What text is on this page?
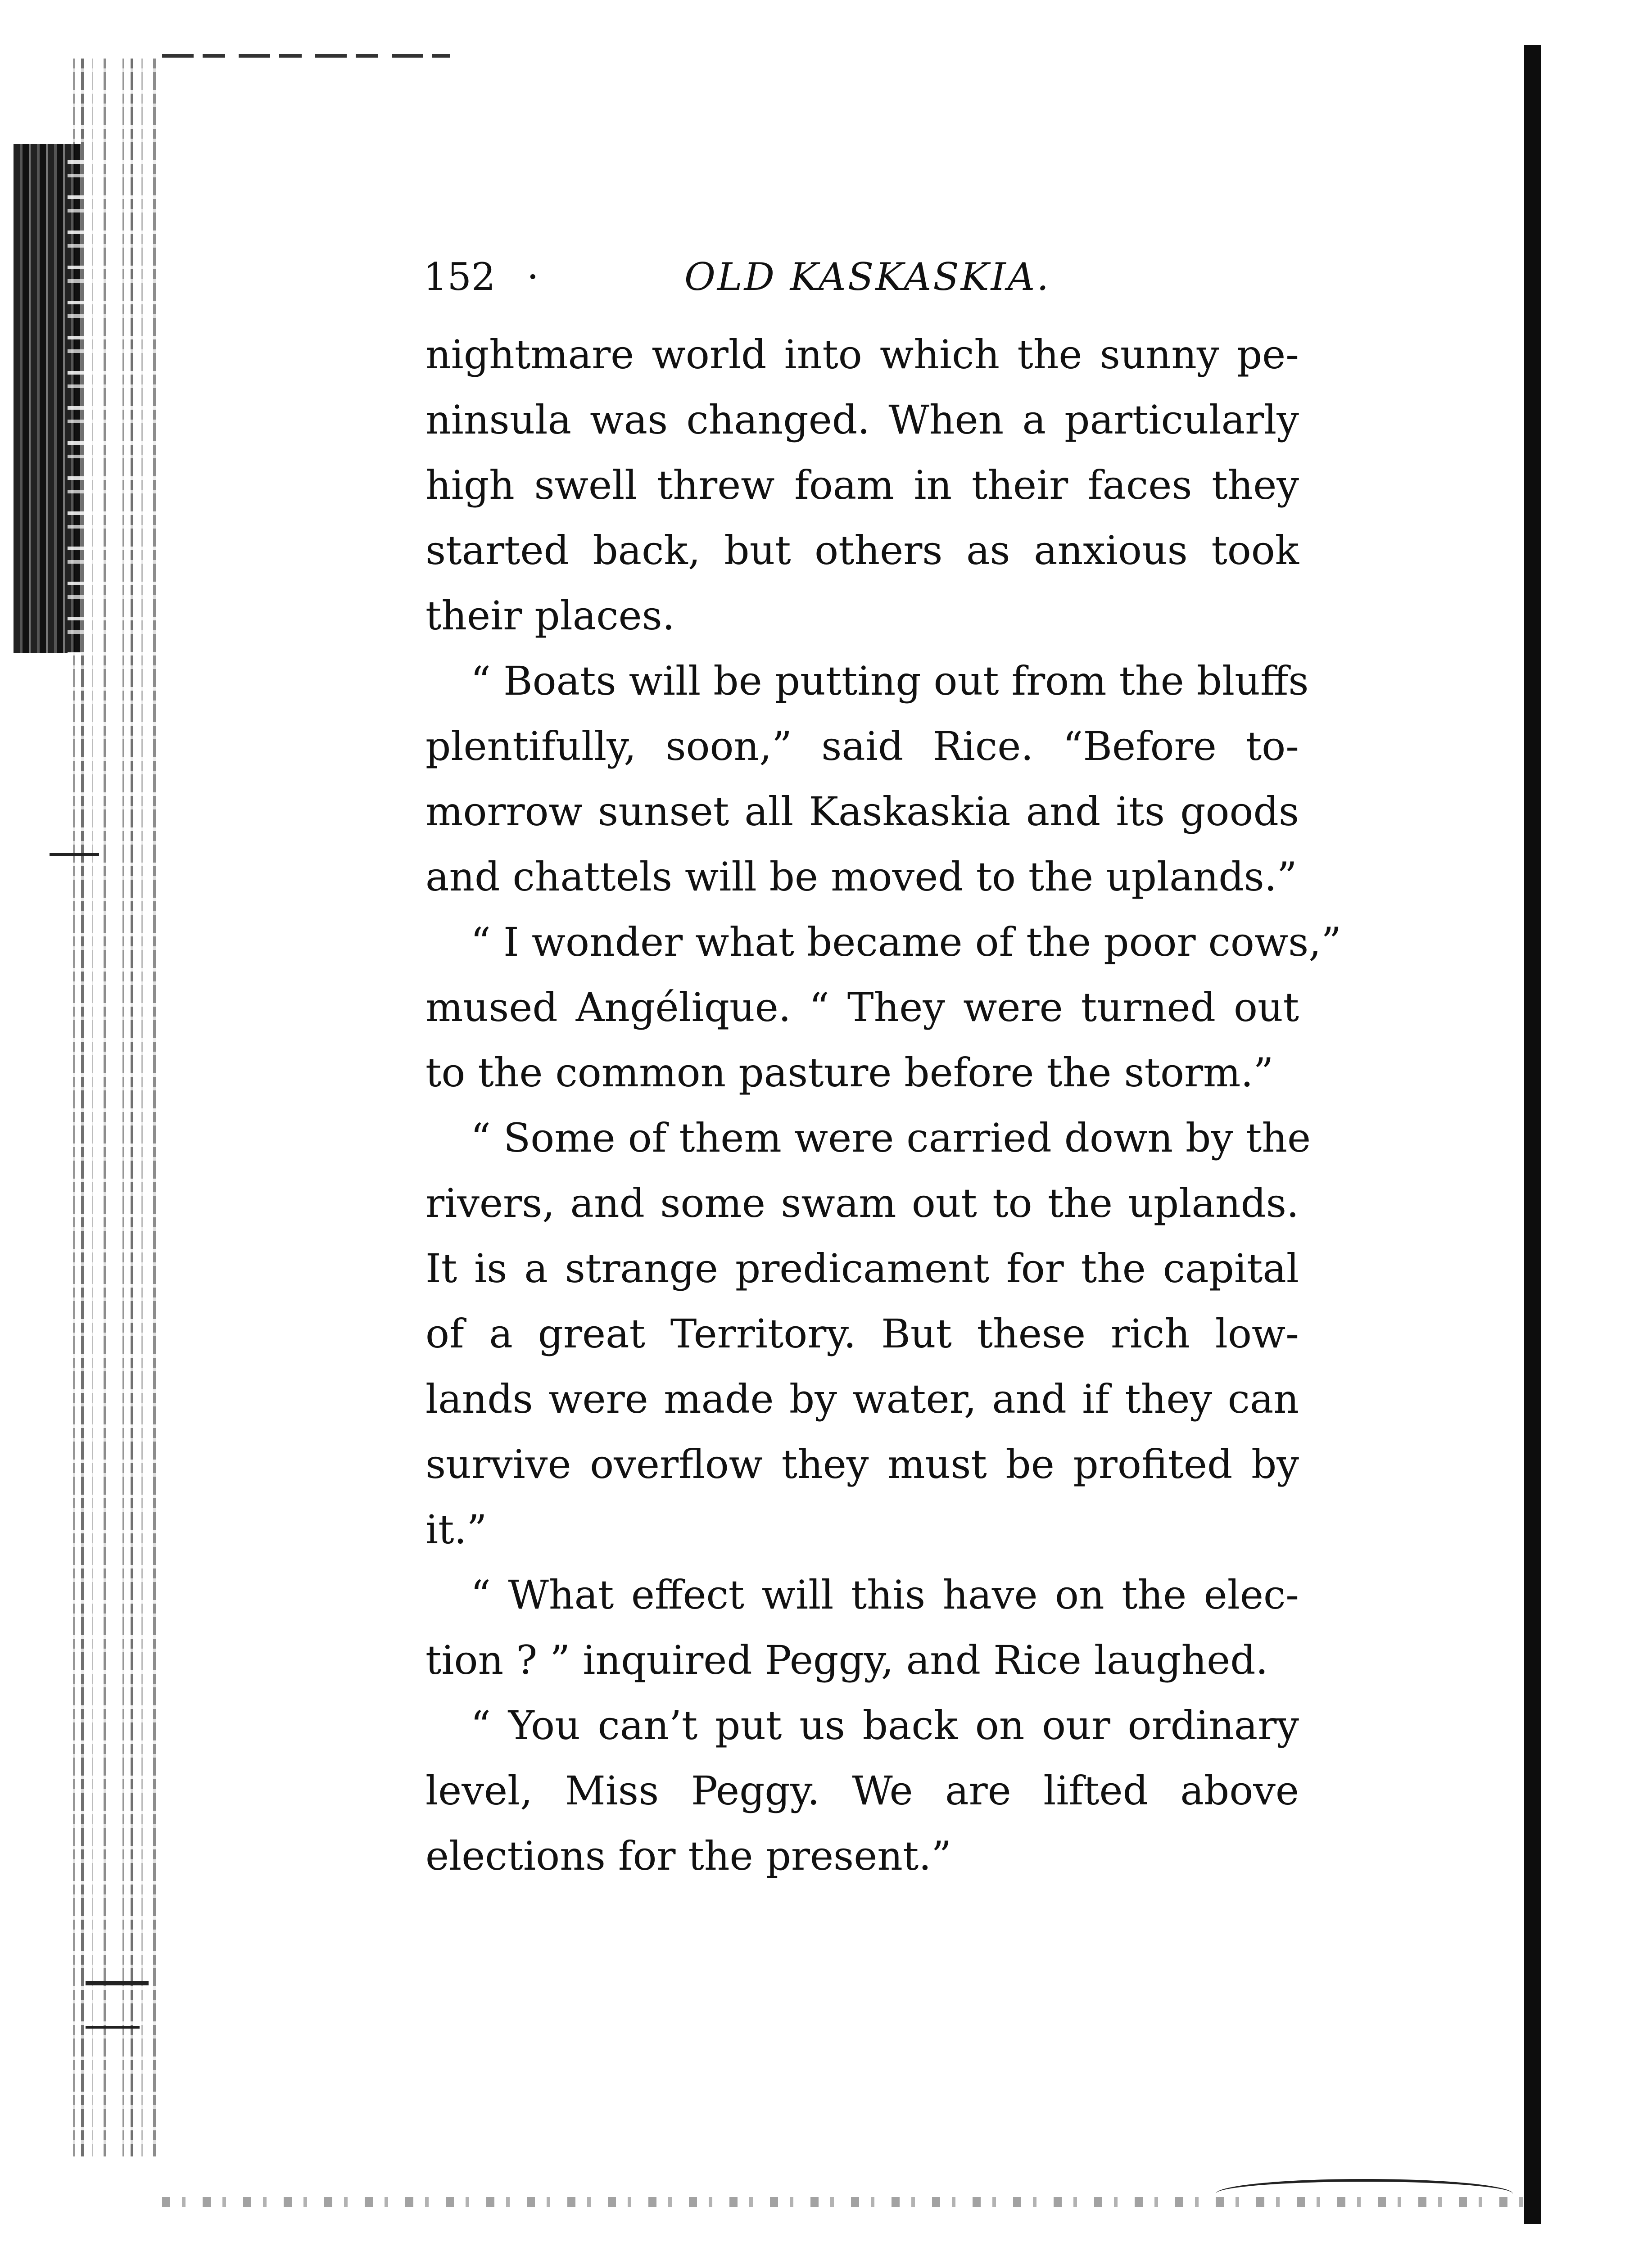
152 ·	OLD KASKASKIA.
nightmare world into which the sunny pe-
ninsula was changed. When a particularly
high swell threw foam in their faces they
started back, but others as anxious took
their places.
“ Boats will be putting out from the bluffs
plentifully, soon,” said Rice. “Before to-
morrow sunset all Kaskaskia and its goods
and chattels will be moved to the uplands.”
“ I wonder what became of the poor cows,”
mused Angélique. “ They were turned out
to the common pasture before the storm.”
“ Some of them were carried down by the
rivers, and some swam out to the uplands.
It is a strange predicament for the capital
of a great Territory. But these rich low-
lands were made by water, and if they can
survive overflow they must be profited by
it.”
“ What effect will this have on the elec-
tion ? ” inquired Peggy, and Rice laughed.
“ You can’t put us back on our ordinary
level, Miss Peggy. We are lifted above
elections for the present.”
